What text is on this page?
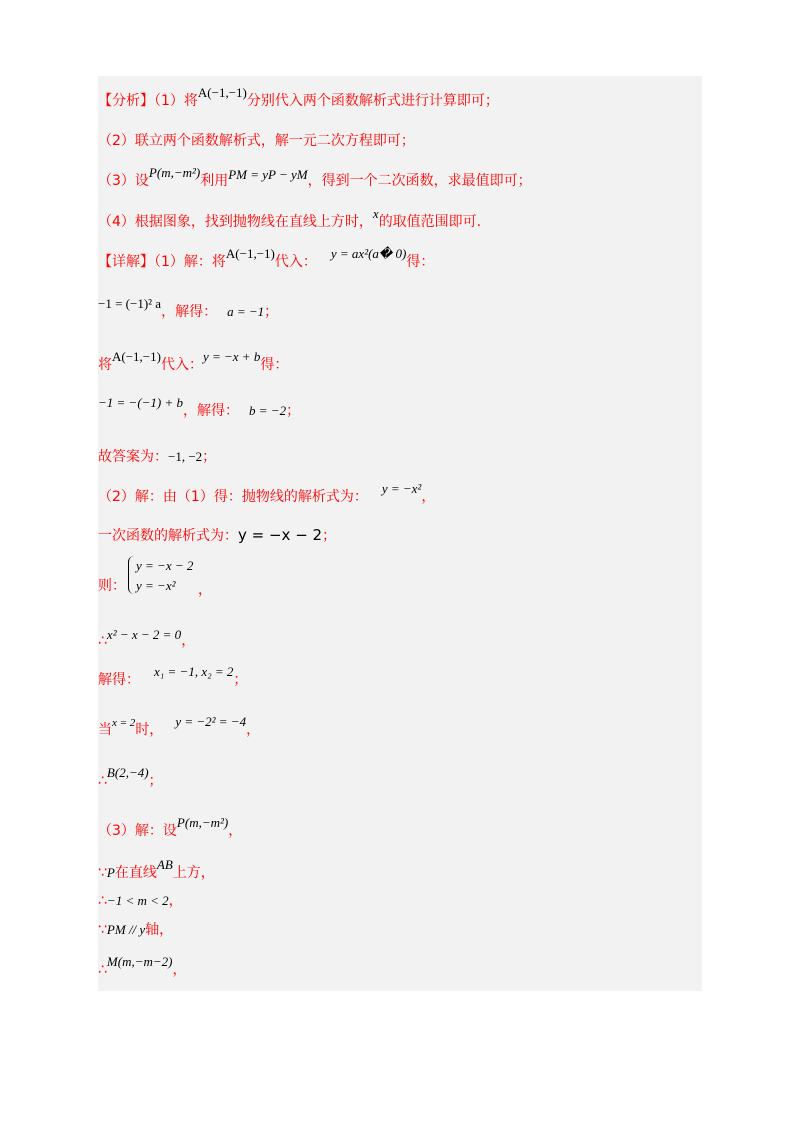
【分析】（1）将A(−1,−1)分别代入两个函数解析式进行计算即可；
（2）联立两个函数解析式，解一元二次方程即可；
（3）设P(m,−m²)利用PM = yP − yM，得到一个二次函数，求最值即可；
（4）根据图象，找到抛物线在直线上方时，x的取值范围即可.
【详解】（1）解：将A(−1,−1)代入：y = ax²(a� 0)得：
−1 = (−1)² a，解得： a = −1；
将A(−1,−1)代入：y = −x + b得：
−1 = −(−1) + b，解得： b = −2；
故答案为：−1, −2；
（2）解：由（1）得：抛物线的解析式为：y = −x²，
一次函数的解析式为：y = −x − 2；
则：
y = −x − 2
y = −x² ，
∴x² − x − 2 = 0，
解得：x₁ = −1, x₂ = 2；
当x = 2时，y = −2² = −4，
∴B(2,−4)；
（3）解：设P(m,−m²)，
∵P在直线AB上方，
∴−1 < m < 2，
∵PM // y轴，
∴M(m,−m−2)，
